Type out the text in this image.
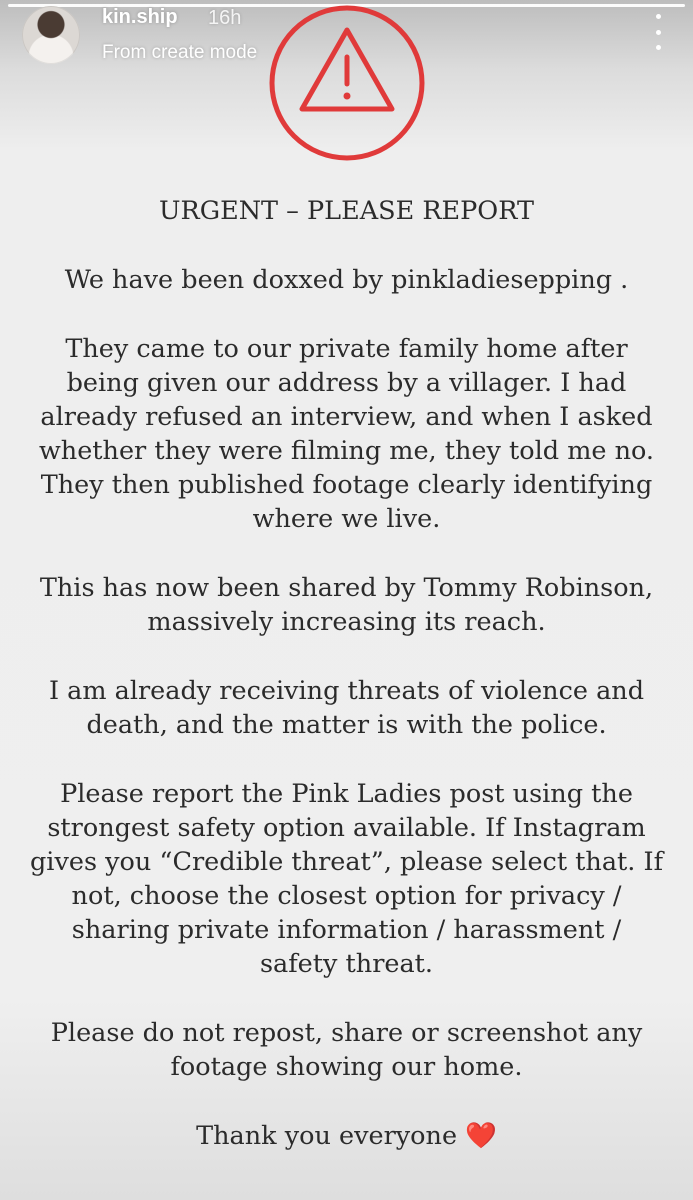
kin.ship 16h
From create mode

URGENT – PLEASE REPORT

We have been doxxed by pinkladiesepping .

They came to our private family home after
being given our address by a villager. I had
already refused an interview, and when I asked
whether they were filming me, they told me no.
They then published footage clearly identifying
where we live.

This has now been shared by Tommy Robinson,
massively increasing its reach.

I am already receiving threats of violence and
death, and the matter is with the police.

Please report the Pink Ladies post using the
strongest safety option available. If Instagram
gives you “Credible threat”, please select that. If
not, choose the closest option for privacy /
sharing private information / harassment /
safety threat.

Please do not repost, share or screenshot any
footage showing our home.

Thank you everyone ❤️
